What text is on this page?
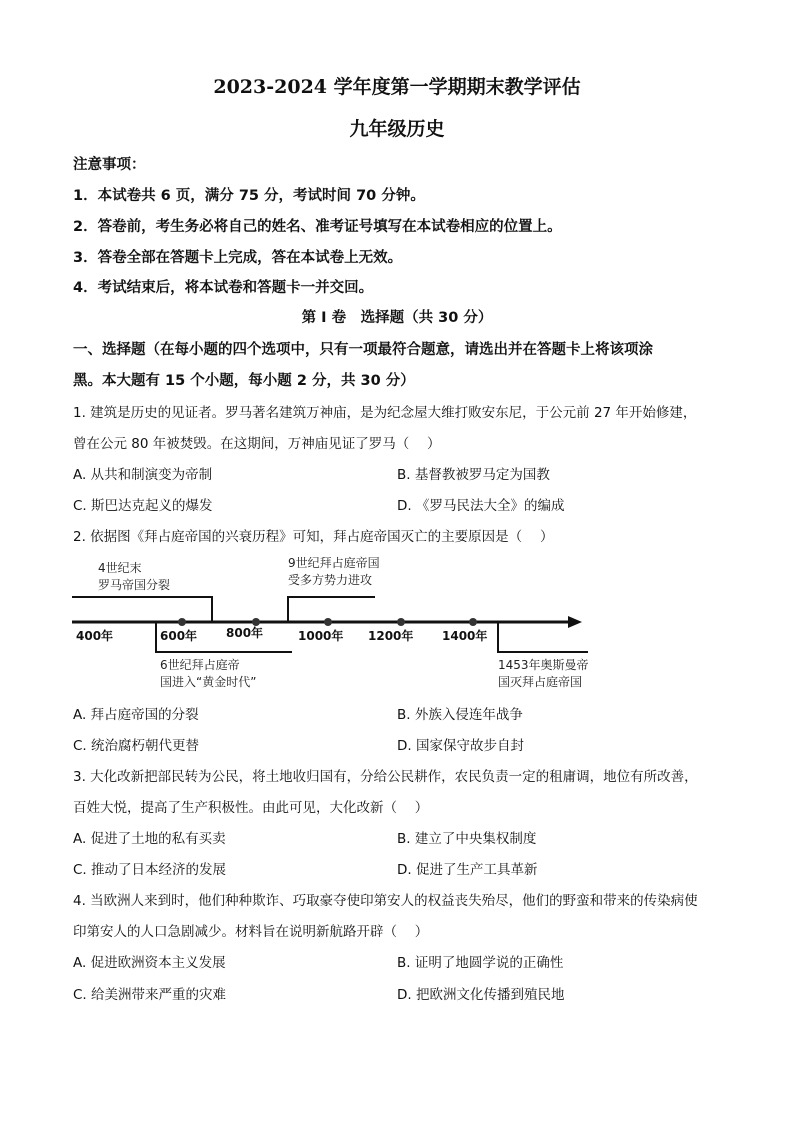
2023-2024 学年度第一学期期末教学评估
九年级历史
注意事项：
1．本试卷共 6 页，满分 75 分，考试时间 70 分钟。
2．答卷前，考生务必将自己的姓名、准考证号填写在本试卷相应的位置上。
3．答卷全部在答题卡上完成，答在本试卷上无效。
4．考试结束后，将本试卷和答题卡一并交回。
第 I 卷　选择题（共 30 分）
一、选择题（在每小题的四个选项中，只有一项最符合题意，请选出并在答题卡上将该项涂
黑。本大题有 15 个小题，每小题 2 分，共 30 分）
1. 建筑是历史的见证者。罗马著名建筑万神庙，是为纪念屋大维打败安东尼，于公元前 27 年开始修建，
曾在公元 80 年被焚毁。在这期间，万神庙见证了罗马（　 ）
A. 从共和制演变为帝制	B. 基督教被罗马定为国教
C. 斯巴达克起义的爆发	D. 《罗马民法大全》的编成
2. 依据图《拜占庭帝国的兴衰历程》可知，拜占庭帝国灭亡的主要原因是（　 ）
4世纪末
罗马帝国分裂
9世纪拜占庭帝国
受多方势力进攻
6世纪拜占庭帝
国进入“黄金时代”
1453年奥斯曼帝
国灭拜占庭帝国
400年	600年 800年	1000年 1200年 1400年
A. 拜占庭帝国的分裂	B. 外族入侵连年战争
C. 统治腐朽朝代更替	D. 国家保守故步自封
3. 大化改新把部民转为公民，将土地收归国有，分给公民耕作，农民负责一定的租庸调，地位有所改善，
百姓大悦，提高了生产积极性。由此可见，大化改新（　 ）
A. 促进了土地的私有买卖	B. 建立了中央集权制度
C. 推动了日本经济的发展	D. 促进了生产工具革新
4. 当欧洲人来到时，他们种种欺诈、巧取豪夺使印第安人的权益丧失殆尽，他们的野蛮和带来的传染病使
印第安人的人口急剧减少。材料旨在说明新航路开辟（　 ）
A. 促进欧洲资本主义发展	B. 证明了地圆学说的正确性
C. 给美洲带来严重的灾难	D. 把欧洲文化传播到殖民地
